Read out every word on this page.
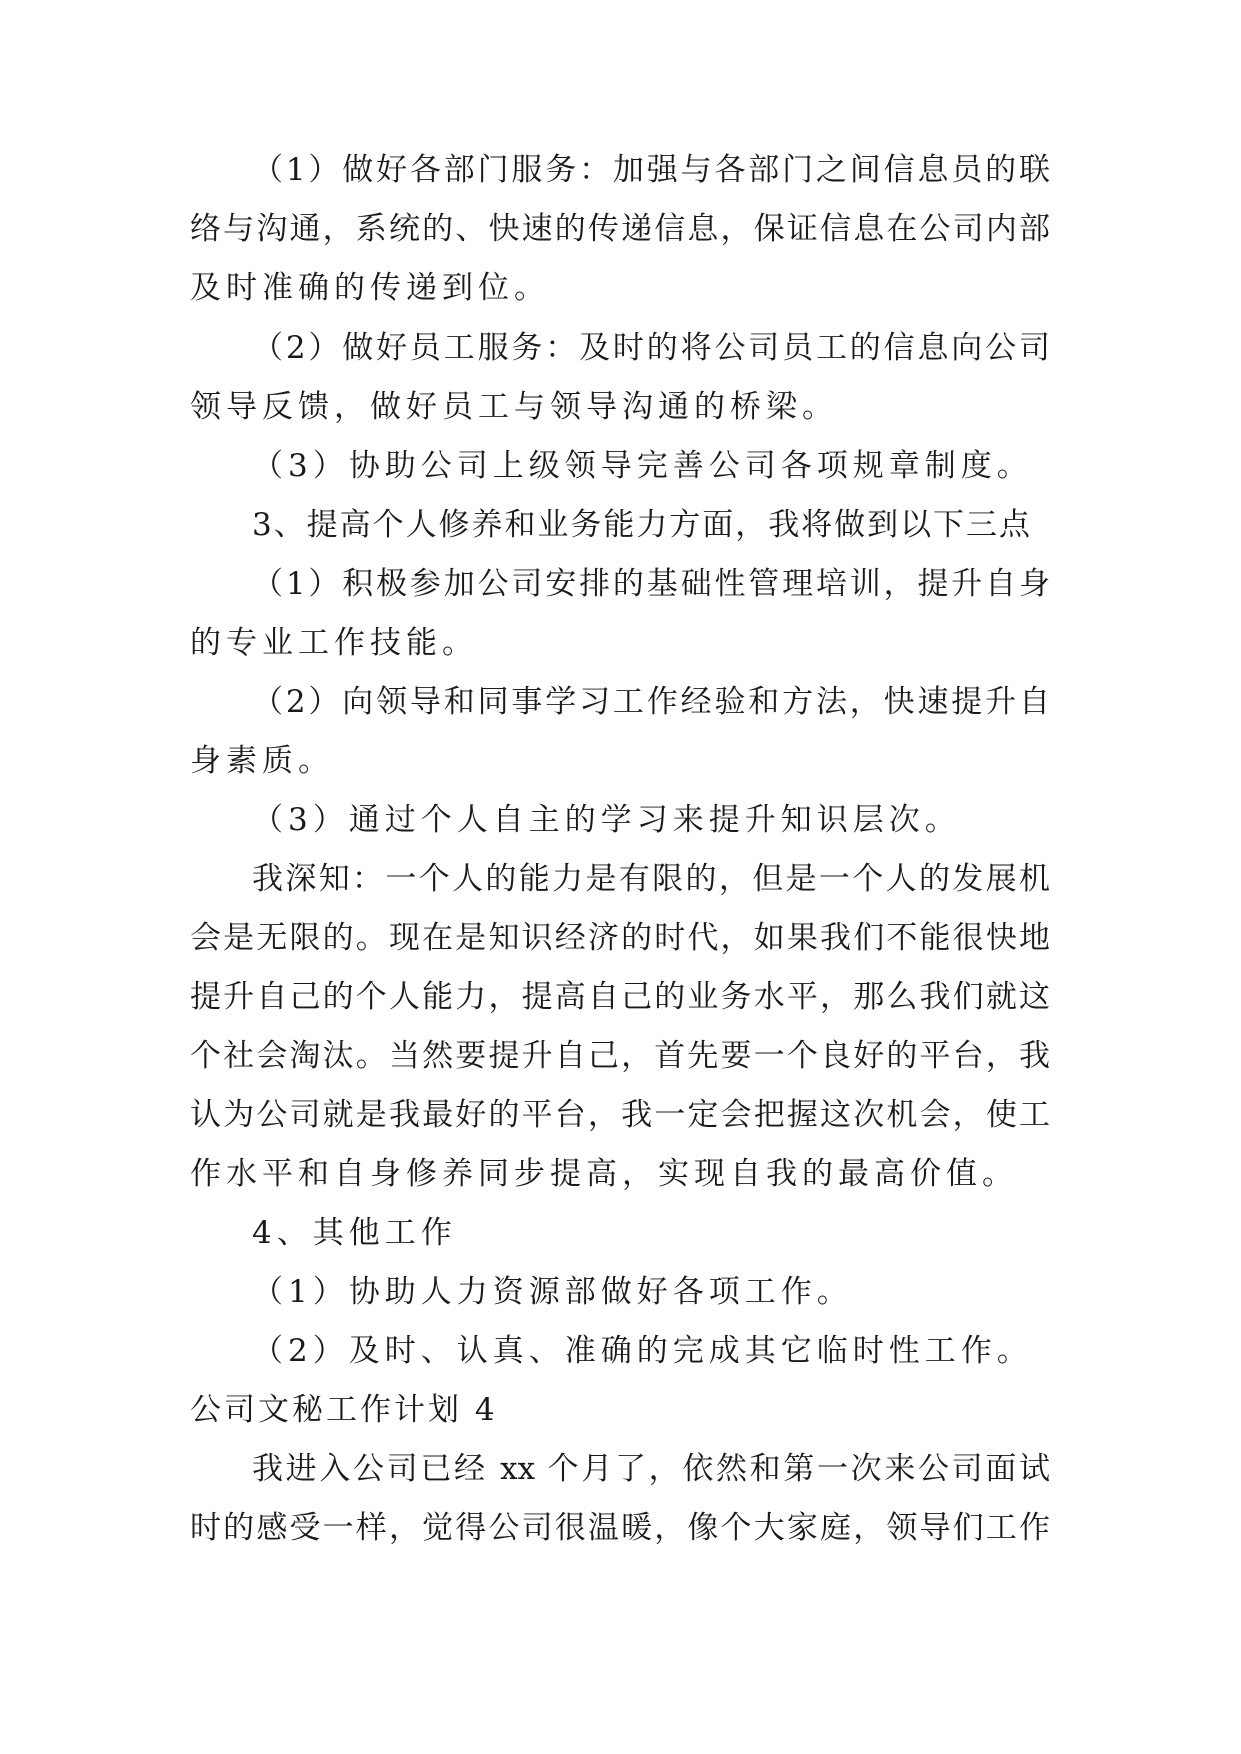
（1）做好各部门服务：加强与各部门之间信息员的联
络与沟通，系统的、快速的传递信息，保证信息在公司内部
及时准确的传递到位。
（2）做好员工服务：及时的将公司员工的信息向公司
领导反馈，做好员工与领导沟通的桥梁。
（3）协助公司上级领导完善公司各项规章制度。
3、提高个人修养和业务能力方面，我将做到以下三点
（1）积极参加公司安排的基础性管理培训，提升自身
的专业工作技能。
（2）向领导和同事学习工作经验和方法，快速提升自
身素质。
（3）通过个人自主的学习来提升知识层次。
我深知：一个人的能力是有限的，但是一个人的发展机
会是无限的。现在是知识经济的时代，如果我们不能很快地
提升自己的个人能力，提高自己的业务水平，那么我们就这
个社会淘汰。当然要提升自己，首先要一个良好的平台，我
认为公司就是我最好的平台，我一定会把握这次机会，使工
作水平和自身修养同步提高，实现自我的最高价值。
4、其他工作
（1）协助人力资源部做好各项工作。
（2）及时、认真、准确的完成其它临时性工作。
公司文秘工作计划 4
我进入公司已经 xx 个月了，依然和第一次来公司面试
时的感受一样，觉得公司很温暖，像个大家庭，领导们工作
